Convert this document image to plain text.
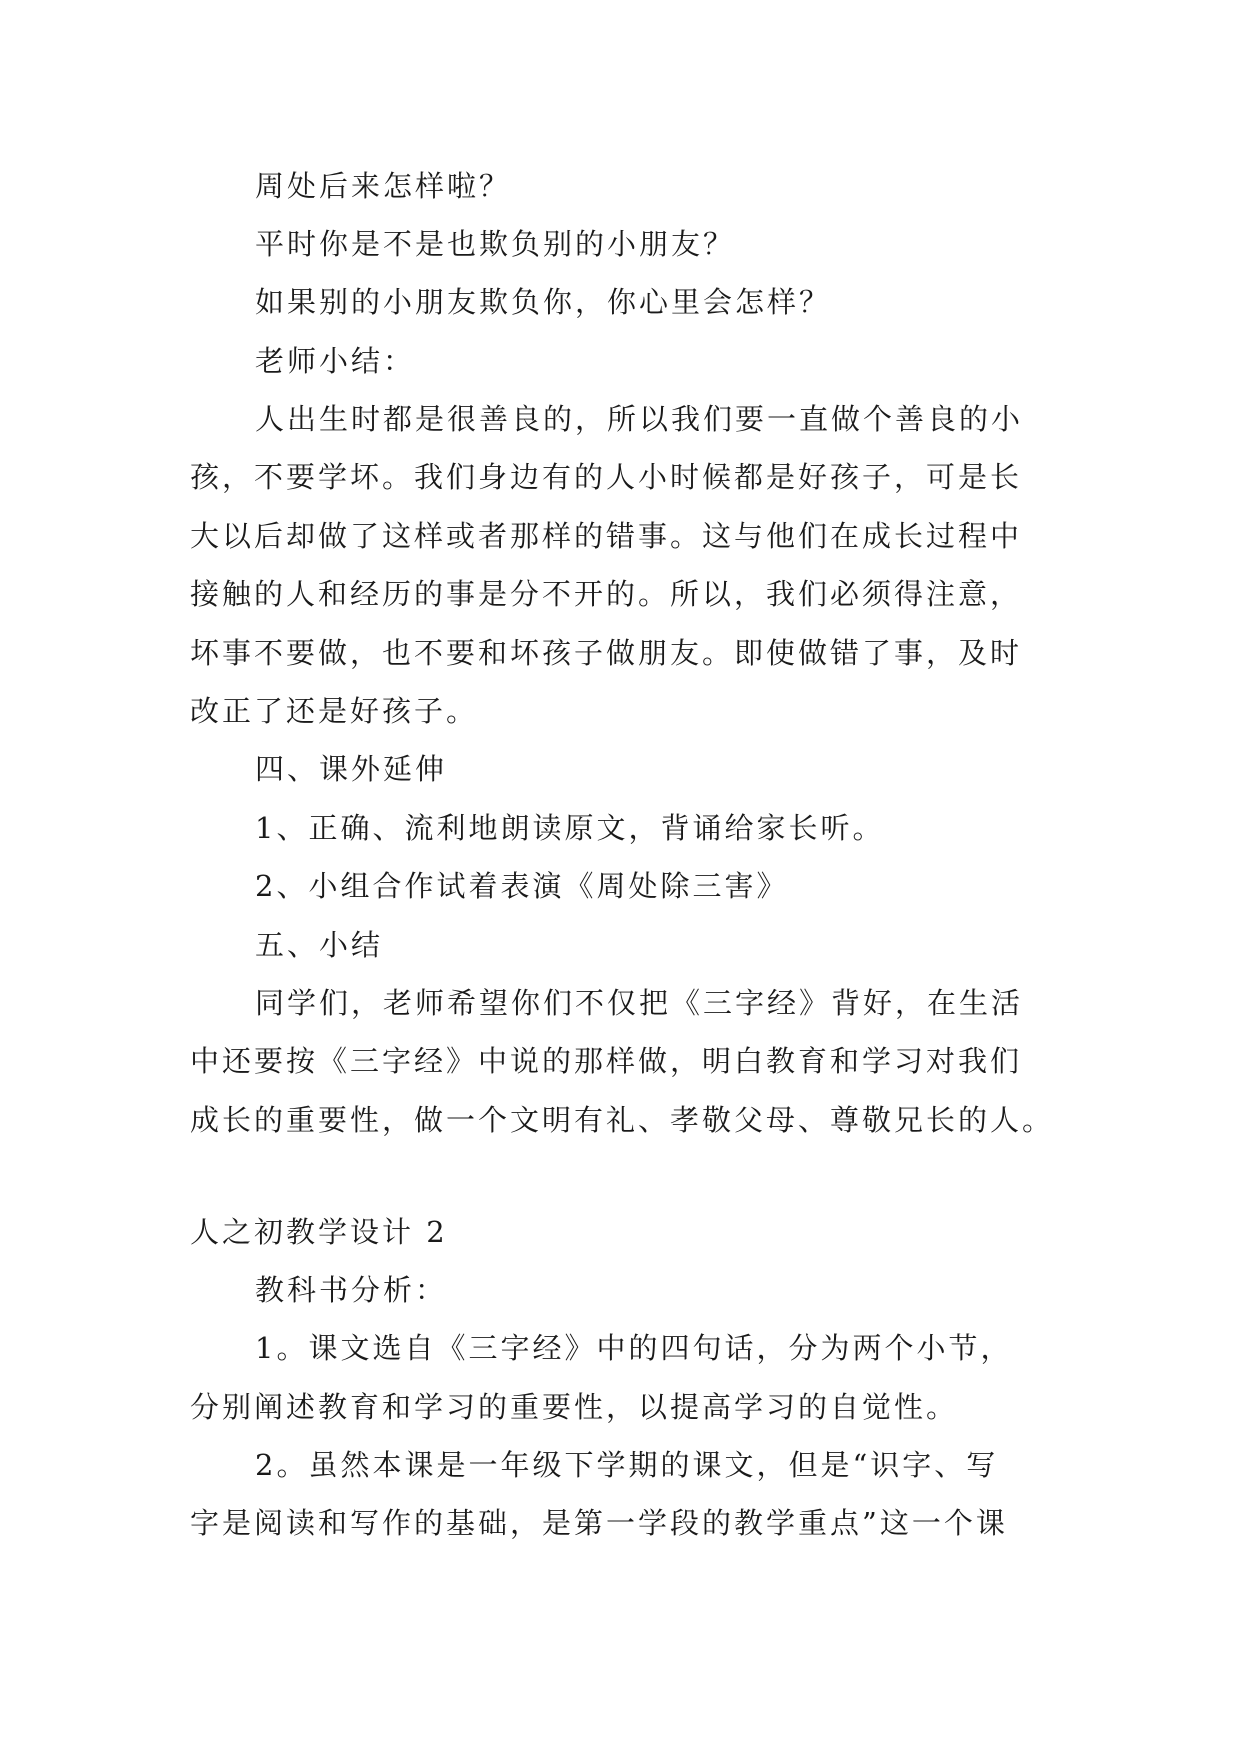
周处后来怎样啦？
平时你是不是也欺负别的小朋友？
如果别的小朋友欺负你，你心里会怎样？
老师小结：
人出生时都是很善良的，所以我们要一直做个善良的小
孩，不要学坏。我们身边有的人小时候都是好孩子，可是长
大以后却做了这样或者那样的错事。这与他们在成长过程中
接触的人和经历的事是分不开的。所以，我们必须得注意，
坏事不要做，也不要和坏孩子做朋友。即使做错了事，及时
改正了还是好孩子。
四、课外延伸
1、正确、流利地朗读原文，背诵给家长听。
2、小组合作试着表演《周处除三害》
五、小结
同学们，老师希望你们不仅把《三字经》背好，在生活
中还要按《三字经》中说的那样做，明白教育和学习对我们
成长的重要性，做一个文明有礼、孝敬父母、尊敬兄长的人。
人之初教学设计 2
教科书分析：
1。课文选自《三字经》中的四句话，分为两个小节，
分别阐述教育和学习的重要性，以提高学习的自觉性。
2。虽然本课是一年级下学期的课文，但是“识字、写
字是阅读和写作的基础，是第一学段的教学重点”这一个课
